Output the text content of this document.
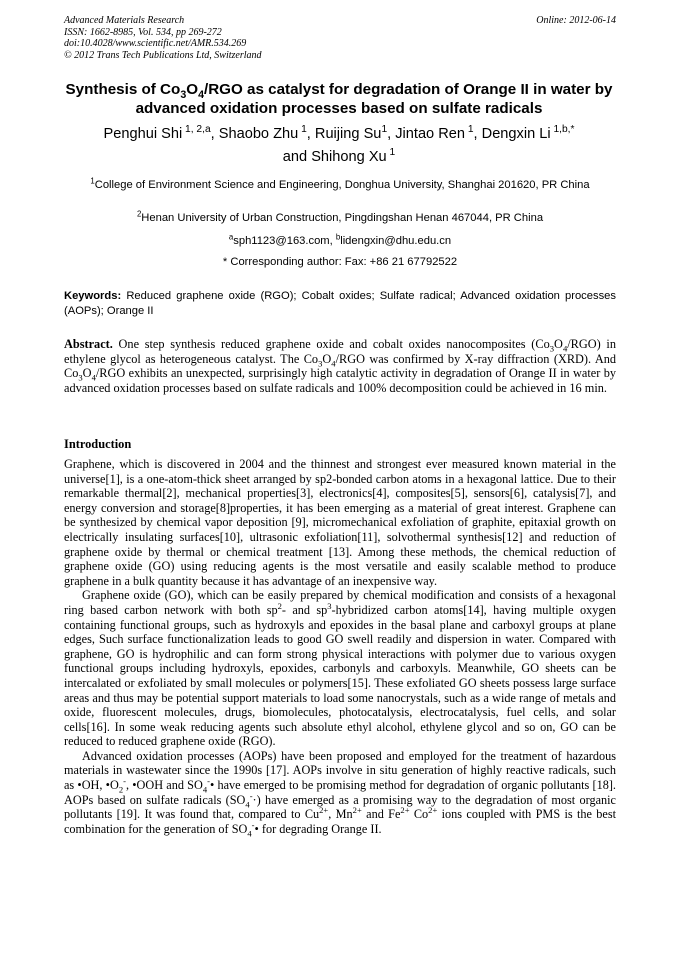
Advanced Materials Research
ISSN: 1662-8985, Vol. 534, pp 269-272
doi:10.4028/www.scientific.net/AMR.534.269
© 2012 Trans Tech Publications Ltd, Switzerland
Online: 2012-06-14
Synthesis of $Co_3O_4$/RGO as catalyst for degradation of Orange II in water by advanced oxidation processes based on sulfate radicals
Penghui Shi $^{1, 2,a}$, Shaobo Zhu $^1$, Ruijing Su$^1$, Jintao Ren $^1$, Dengxin Li $^{1,b,*}$
and Shihong Xu $^1$
$^1$College of Environment Science and Engineering, Donghua University, Shanghai 201620, PR China
$^2$Henan University of Urban Construction, Pingdingshan Henan 467044, PR China
$^a$sph1123@163.com, $^b$lidengxin@dhu.edu.cn
* Corresponding author: Fax: +86 21 67792522
Keywords: Reduced graphene oxide (RGO); Cobalt oxides; Sulfate radical; Advanced oxidation processes (AOPs); Orange II
Abstract. One step synthesis reduced graphene oxide and cobalt oxides nanocomposites $(Co_3O_4/RGO)$ in ethylene glycol as heterogeneous catalyst. The $Co_3O_4$/RGO was confirmed by X-ray diffraction (XRD). And $Co_3O_4$/RGO exhibits an unexpected, surprisingly high catalytic activity in degradation of Orange II in water by advanced oxidation processes based on sulfate radicals and 100% decomposition could be achieved in 16 min.
Introduction

Graphene, which is discovered in 2004 and the thinnest and strongest ever measured known material in the universe[1], is a one-atom-thick sheet arranged by sp2-bonded carbon atoms in a hexagonal lattice. Due to their remarkable thermal[2], mechanical properties[3], electronics[4], composites[5], sensors[6], catalysis[7], and energy conversion and storage[8]properties, it has been emerging as a material of great interest. Graphene can be synthesized by chemical vapor deposition [9], micromechanical exfoliation of graphite, epitaxial growth on electrically insulating surfaces[10], ultrasonic exfoliation[11], solvothermal synthesis[12] and reduction of graphene oxide by thermal or chemical treatment [13]. Among these methods, the chemical reduction of graphene oxide (GO) using reducing agents is the most versatile and easily scalable method to produce graphene in a bulk quantity because it has advantage of an inexpensive way.

Graphene oxide (GO), which can be easily prepared by chemical modification and consists of a hexagonal ring based carbon network with both $sp^2-$ and $sp^3$-hybridized carbon atoms[14], having multiple oxygen containing functional groups, such as hydroxyls and epoxides in the basal plane and carboxyl groups at plane edges, Such surface functionalization leads to good GO swell readily and dispersion in water. Compared with graphene, GO is hydrophilic and can form strong physical interactions with polymer due to various oxygen functional groups including hydroxyls, epoxides, carbonyls and carboxyls. Meanwhile, GO sheets can be intercalated or exfoliated by small molecules or polymers[15]. These exfoliated GO sheets possess large surface areas and thus may be potential support materials to load some nanocrystals, such as a wide range of metals and oxide, fluorescent molecules, drugs, biomolecules, photocatalysis, electrocatalysis, fuel cells, and solar cells[16]. In some weak reducing agents such absolute ethyl alcohol, ethylene glycol and so on, GO can be reduced to reduced graphene oxide (RGO).

Advanced oxidation processes (AOPs) have been proposed and employed for the treatment of hazardous materials in wastewater since the 1990s [17]. AOPs involve in situ generation of highly reactive radicals, such as •OH, $•O_2^-$, •OOH and $SO_4^-•$ have emerged to be promising method for degradation of organic pollutants [18]. AOPs based on sulfate radicals $(SO_4^-\cdot)$ have emerged as a promising way to the degradation of most organic pollutants [19]. It was found that, compared to $Cu^{2+}$, $Mn^{2+}$ and $Fe^{2+}$ $Co^{2+}$ ions coupled with PMS is the best combination for the generation of $SO_4^-•$ for degrading Orange II.
